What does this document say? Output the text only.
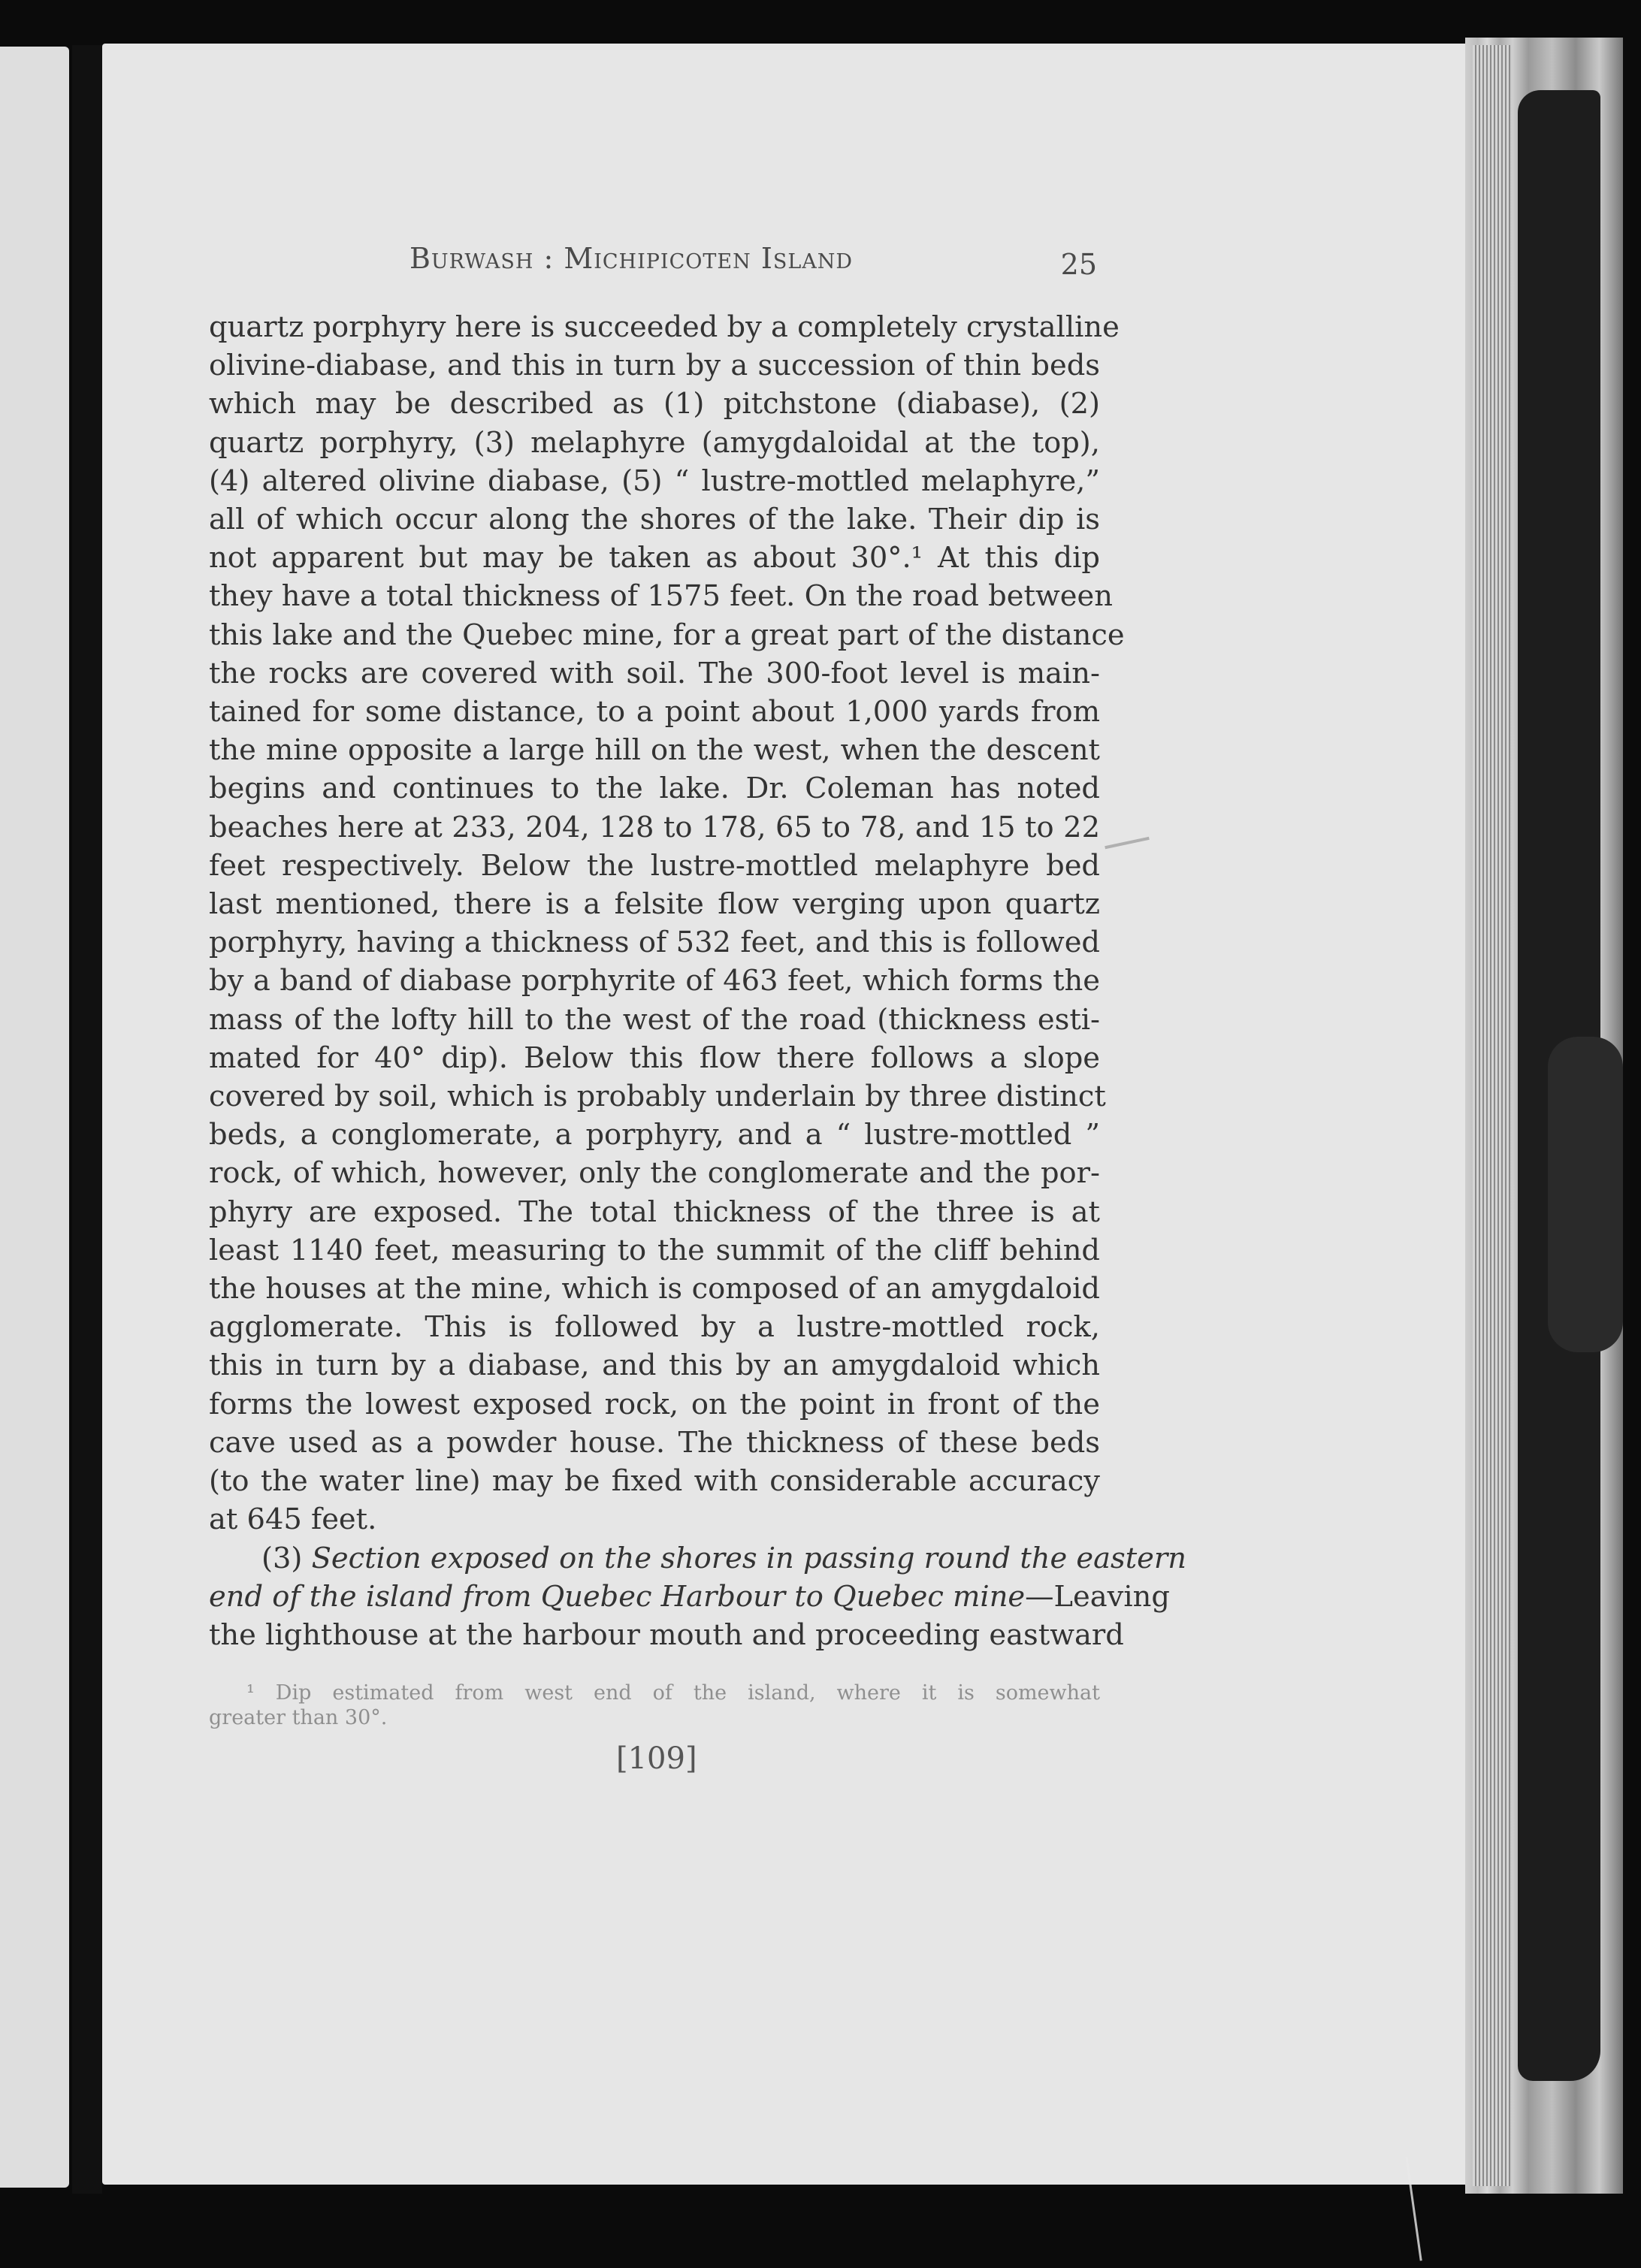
Burwash : Michipicoten Island	25
quartz porphyry here is succeeded by a completely crystalline
olivine-diabase, and this in turn by a succession of thin beds
which may be described as (1) pitchstone (diabase), (2)
quartz porphyry, (3) melaphyre (amygdaloidal at the top),
(4) altered olivine diabase, (5) “ lustre-mottled melaphyre,”
all of which occur along the shores of the lake. Their dip is
not apparent but may be taken as about 30°.¹ At this dip
they have a total thickness of 1575 feet. On the road between
this lake and the Quebec mine, for a great part of the distance
the rocks are covered with soil. The 300-foot level is main-
tained for some distance, to a point about 1,000 yards from
the mine opposite a large hill on the west, when the descent
begins and continues to the lake. Dr. Coleman has noted
beaches here at 233, 204, 128 to 178, 65 to 78, and 15 to 22
feet respectively. Below the lustre-mottled melaphyre bed
last mentioned, there is a felsite flow verging upon quartz
porphyry, having a thickness of 532 feet, and this is followed
by a band of diabase porphyrite of 463 feet, which forms the
mass of the lofty hill to the west of the road (thickness esti-
mated for 40° dip). Below this flow there follows a slope
covered by soil, which is probably underlain by three distinct
beds, a conglomerate, a porphyry, and a “ lustre-mottled ”
rock, of which, however, only the conglomerate and the por-
phyry are exposed. The total thickness of the three is at
least 1140 feet, measuring to the summit of the cliff behind
the houses at the mine, which is composed of an amygdaloid
agglomerate. This is followed by a lustre-mottled rock,
this in turn by a diabase, and this by an amygdaloid which
forms the lowest exposed rock, on the point in front of the
cave used as a powder house. The thickness of these beds
(to the water line) may be fixed with considerable accuracy
at 645 feet.
(3) Section exposed on the shores in passing round the eastern
end of the island from Quebec Harbour to Quebec mine—Leaving
the lighthouse at the harbour mouth and proceeding eastward
¹ Dip estimated from west end of the island, where it is somewhat
greater than 30°.
[109]
